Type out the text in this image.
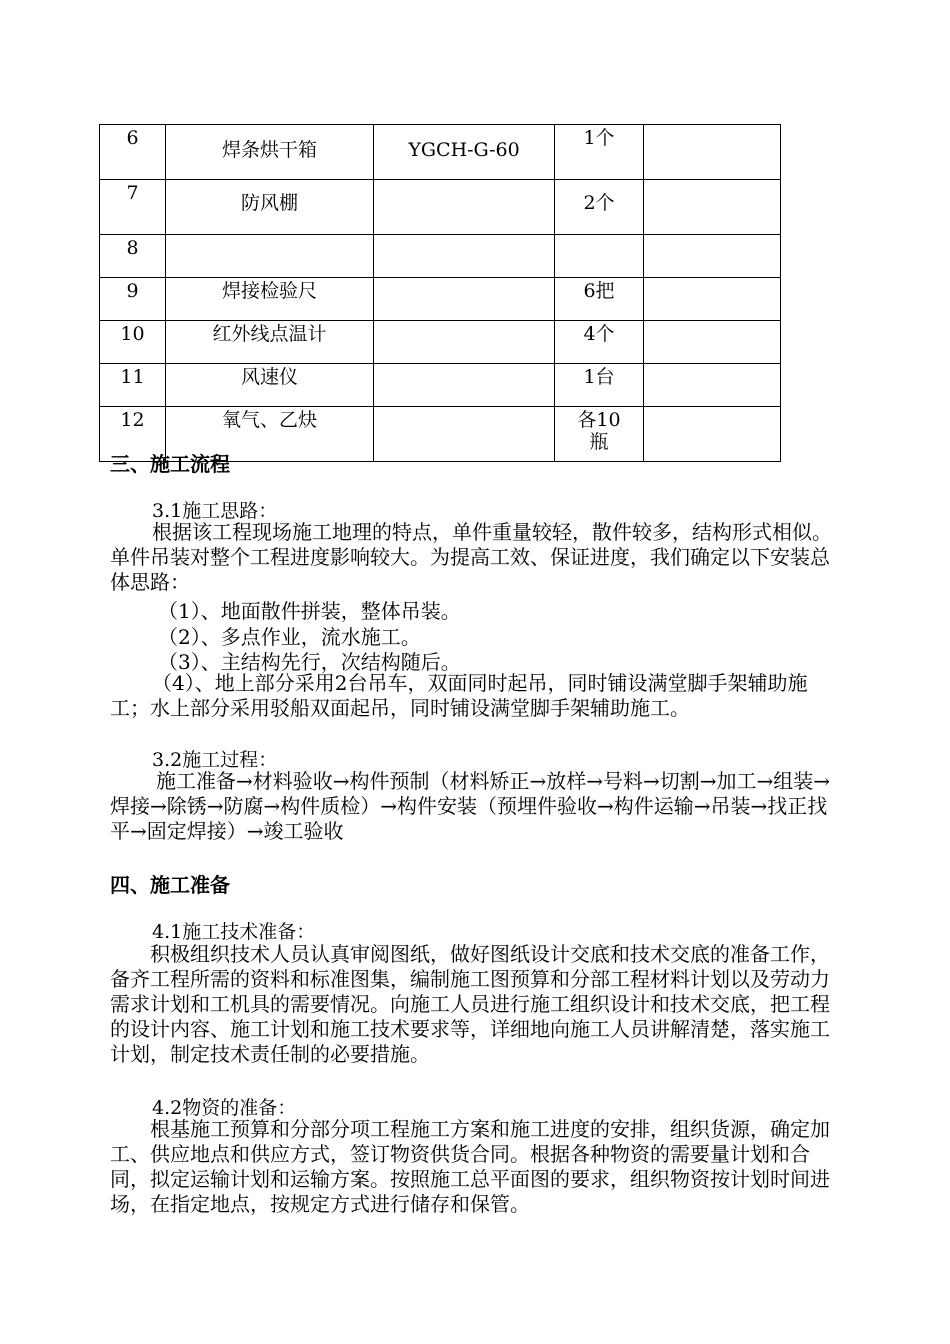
6	焊条烘干箱	YGCH-G-60	1个	
7	防风棚		2个	
8				
9	焊接检验尺		6把	
10	红外线点温计		4个	
11	风速仪		1台	
12	氧气、乙炔		各10
瓶	

三、施工流程
3.1施工思路：
根据该工程现场施工地理的特点，单件重量较轻，散件较多，结构形式相似。单件吊装对整个工程进度影响较大。为提高工效、保证进度，我们确定以下安装总体思路：
（1）、地面散件拼装，整体吊装。
（2）、多点作业，流水施工。
（3）、主结构先行，次结构随后。
（4）、地上部分采用2台吊车，双面同时起吊，同时铺设满堂脚手架辅助施工；水上部分采用驳船双面起吊，同时铺设满堂脚手架辅助施工。
3.2施工过程：
施工准备→材料验收→构件预制（材料矫正→放样→号料→切割→加工→组装→焊接→除锈→防腐→构件质检）→构件安装（预埋件验收→构件运输→吊装→找正找平→固定焊接）→竣工验收
四、施工准备
4.1施工技术准备：
积极组织技术人员认真审阅图纸，做好图纸设计交底和技术交底的准备工作，备齐工程所需的资料和标准图集，编制施工图预算和分部工程材料计划以及劳动力需求计划和工机具的需要情况。向施工人员进行施工组织设计和技术交底，把工程的设计内容、施工计划和施工技术要求等，详细地向施工人员讲解清楚，落实施工计划，制定技术责任制的必要措施。
4.2物资的准备：
根基施工预算和分部分项工程施工方案和施工进度的安排，组织货源，确定加工、供应地点和供应方式，签订物资供货合同。根据各种物资的需要量计划和合同，拟定运输计划和运输方案。按照施工总平面图的要求，组织物资按计划时间进场，在指定地点，按规定方式进行储存和保管。
